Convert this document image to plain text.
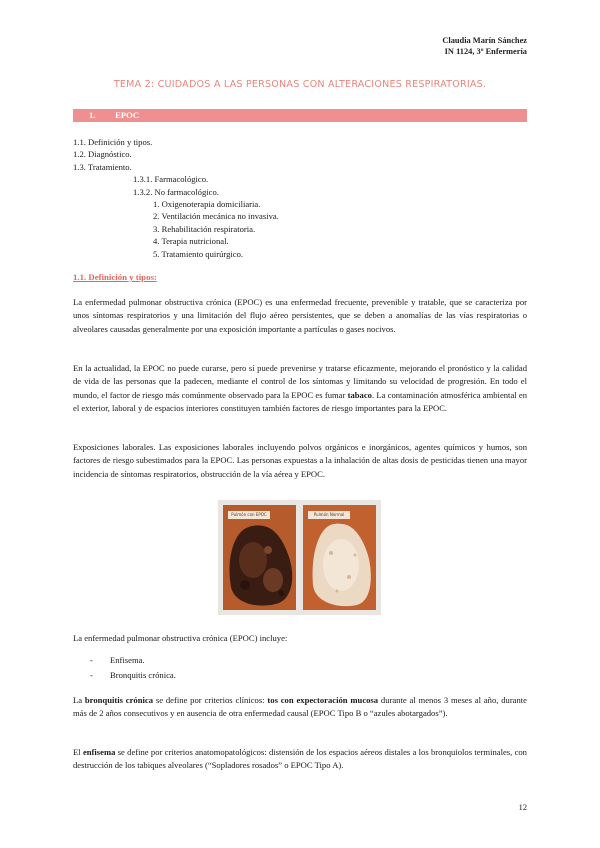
Claudia Marín Sánchez
IN 1124, 3º Enfermería
TEMA 2: CUIDADOS A LAS PERSONAS CON ALTERACIONES RESPIRATORIAS.
1. EPOC
1.1. Definición y tipos.
1.2. Diagnóstico.
1.3. Tratamiento.
1.3.1. Farmacológico.
1.3.2. No farmacológico.
1. Oxigenoterapia domiciliaria.
2. Ventilación mecánica no invasiva.
3. Rehabilitación respiratoria.
4. Terapia nutricional.
5. Tratamiento quirúrgico.
1.1. Definición y tipos:

La enfermedad pulmonar obstructiva crónica (EPOC) es una enfermedad frecuente, prevenible y tratable, que se caracteriza por unos síntomas respiratorios y una limitación del flujo aéreo persistentes, que se deben a anomalías de las vías respiratorias o alveolares causadas generalmente por una exposición importante a partículas o gases nocivos.

En la actualidad, la EPOC no puede curarse, pero sí puede prevenirse y tratarse eficazmente, mejorando el pronóstico y la calidad de vida de las personas que la padecen, mediante el control de los síntomas y limitando su velocidad de progresión. En todo el mundo, el factor de riesgo más comúnmente observado para la EPOC es fumar tabaco. La contaminación atmosférica ambiental en el exterior, laboral y de espacios interiores constituyen también factores de riesgo importantes para la EPOC.

Exposiciones laborales. Las exposiciones laborales incluyendo polvos orgánicos e inorgánicos, agentes químicos y humos, son factores de riesgo subestimados para la EPOC. Las personas expuestas a la inhalación de altas dosis de pesticidas tienen una mayor incidencia de síntomas respiratorios, obstrucción de la vía aérea y EPOC.

Pulmón con EPOC	Pulmón Normal

La enfermedad pulmonar obstructiva crónica (EPOC) incluye:

- Enfisema.
- Bronquitis crónica.

La bronquitis crónica se define por criterios clínicos: tos con expectoración mucosa durante al menos 3 meses al año, durante más de 2 años consecutivos y en ausencia de otra enfermedad causal (EPOC Tipo B o “azules abotargados”).

El enfisema se define por criterios anatomopatológicos: distensión de los espacios aéreos distales a los bronquiolos terminales, con destrucción de los tabiques alveolares (“Sopladores rosados” o EPOC Tipo A).

12
